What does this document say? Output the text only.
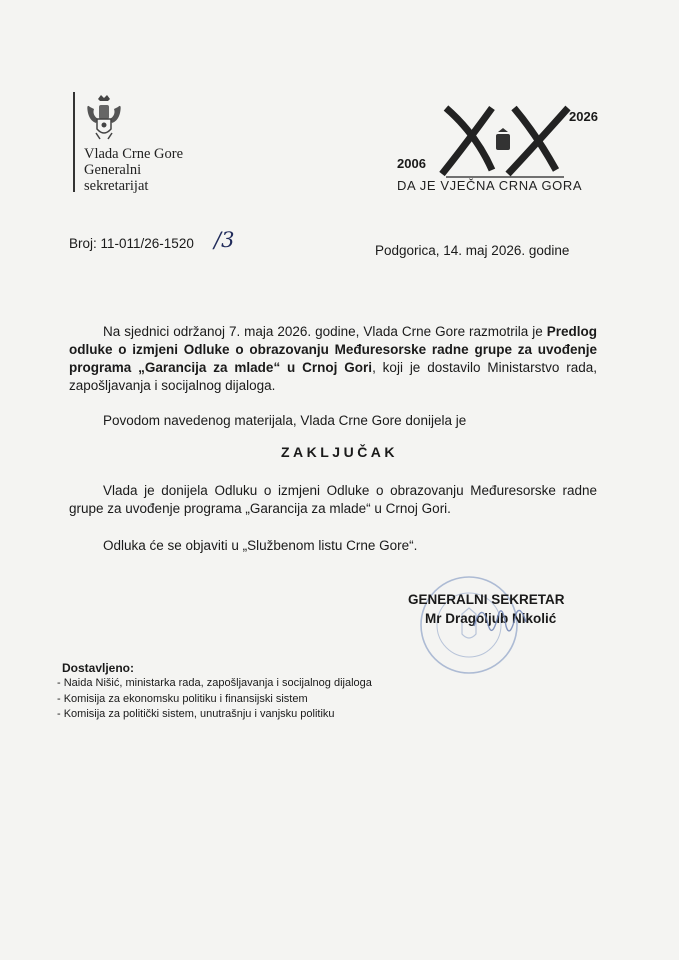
Vlada Crne Gore
Generalni
sekretarijat
2026
2006
DA JE VJEČNA CRNA GORA
Broj: 11-011/26-1520 /3	Podgorica, 14. maj 2026. godine
Na sjednici održanoj 7. maja 2026. godine, Vlada Crne Gore razmotrila je Predlog odluke o izmjeni Odluke o obrazovanju Međuresorske radne grupe za uvođenje programa „Garancija za mlade“ u Crnoj Gori, koji je dostavilo Ministarstvo rada, zapošljavanja i socijalnog dijaloga.
Povodom navedenog materijala, Vlada Crne Gore donijela je
ZAKLJUČAK
Vlada je donijela Odluku o izmjeni Odluke o obrazovanju Međuresorske radne grupe za uvođenje programa „Garancija za mlade“ u Crnoj Gori.
Odluka će se objaviti u „Službenom listu Crne Gore“.
GENERALNI SEKRETAR
Mr Dragoljub Nikolić
Dostavljeno:
- Naida Nišić, ministarka rada, zapošljavanja i socijalnog dijaloga
- Komisija za ekonomsku politiku i finansijski sistem
- Komisija za politički sistem, unutrašnju i vanjsku politiku
